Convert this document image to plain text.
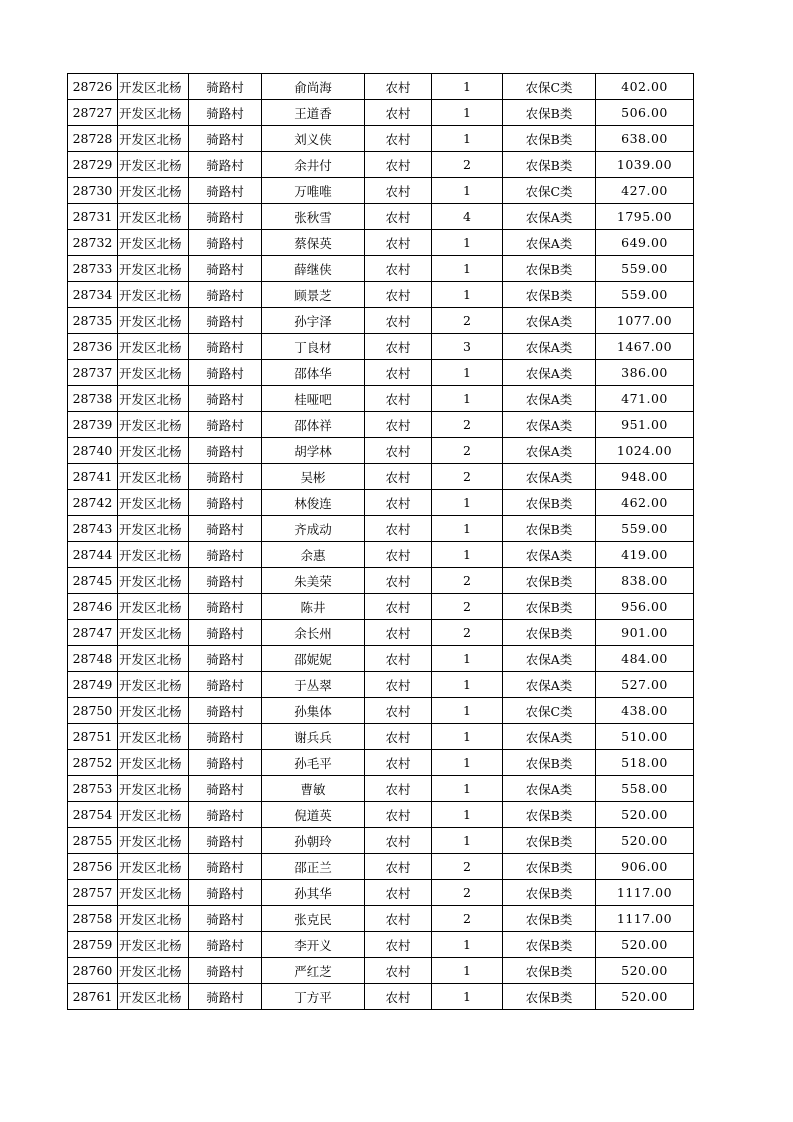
28726	开发区北杨	骑路村	俞尚海	农村	1	农保C类	402.00
28727	开发区北杨	骑路村	王道香	农村	1	农保B类	506.00
28728	开发区北杨	骑路村	刘义侠	农村	1	农保B类	638.00
28729	开发区北杨	骑路村	余井付	农村	2	农保B类	1039.00
28730	开发区北杨	骑路村	万唯唯	农村	1	农保C类	427.00
28731	开发区北杨	骑路村	张秋雪	农村	4	农保A类	1795.00
28732	开发区北杨	骑路村	蔡保英	农村	1	农保A类	649.00
28733	开发区北杨	骑路村	薛继侠	农村	1	农保B类	559.00
28734	开发区北杨	骑路村	顾景芝	农村	1	农保B类	559.00
28735	开发区北杨	骑路村	孙宇泽	农村	2	农保A类	1077.00
28736	开发区北杨	骑路村	丁良材	农村	3	农保A类	1467.00
28737	开发区北杨	骑路村	邵体华	农村	1	农保A类	386.00
28738	开发区北杨	骑路村	桂哑吧	农村	1	农保A类	471.00
28739	开发区北杨	骑路村	邵体祥	农村	2	农保A类	951.00
28740	开发区北杨	骑路村	胡学林	农村	2	农保A类	1024.00
28741	开发区北杨	骑路村	吴彬	农村	2	农保A类	948.00
28742	开发区北杨	骑路村	林俊连	农村	1	农保B类	462.00
28743	开发区北杨	骑路村	齐成动	农村	1	农保B类	559.00
28744	开发区北杨	骑路村	余惠	农村	1	农保A类	419.00
28745	开发区北杨	骑路村	朱美荣	农村	2	农保B类	838.00
28746	开发区北杨	骑路村	陈井	农村	2	农保B类	956.00
28747	开发区北杨	骑路村	余长州	农村	2	农保B类	901.00
28748	开发区北杨	骑路村	邵妮妮	农村	1	农保A类	484.00
28749	开发区北杨	骑路村	于丛翠	农村	1	农保A类	527.00
28750	开发区北杨	骑路村	孙集体	农村	1	农保C类	438.00
28751	开发区北杨	骑路村	谢兵兵	农村	1	农保A类	510.00
28752	开发区北杨	骑路村	孙毛平	农村	1	农保B类	518.00
28753	开发区北杨	骑路村	曹敏	农村	1	农保A类	558.00
28754	开发区北杨	骑路村	倪道英	农村	1	农保B类	520.00
28755	开发区北杨	骑路村	孙朝玲	农村	1	农保B类	520.00
28756	开发区北杨	骑路村	邵正兰	农村	2	农保B类	906.00
28757	开发区北杨	骑路村	孙其华	农村	2	农保B类	1117.00
28758	开发区北杨	骑路村	张克民	农村	2	农保B类	1117.00
28759	开发区北杨	骑路村	李开义	农村	1	农保B类	520.00
28760	开发区北杨	骑路村	严红芝	农村	1	农保B类	520.00
28761	开发区北杨	骑路村	丁方平	农村	1	农保B类	520.00
